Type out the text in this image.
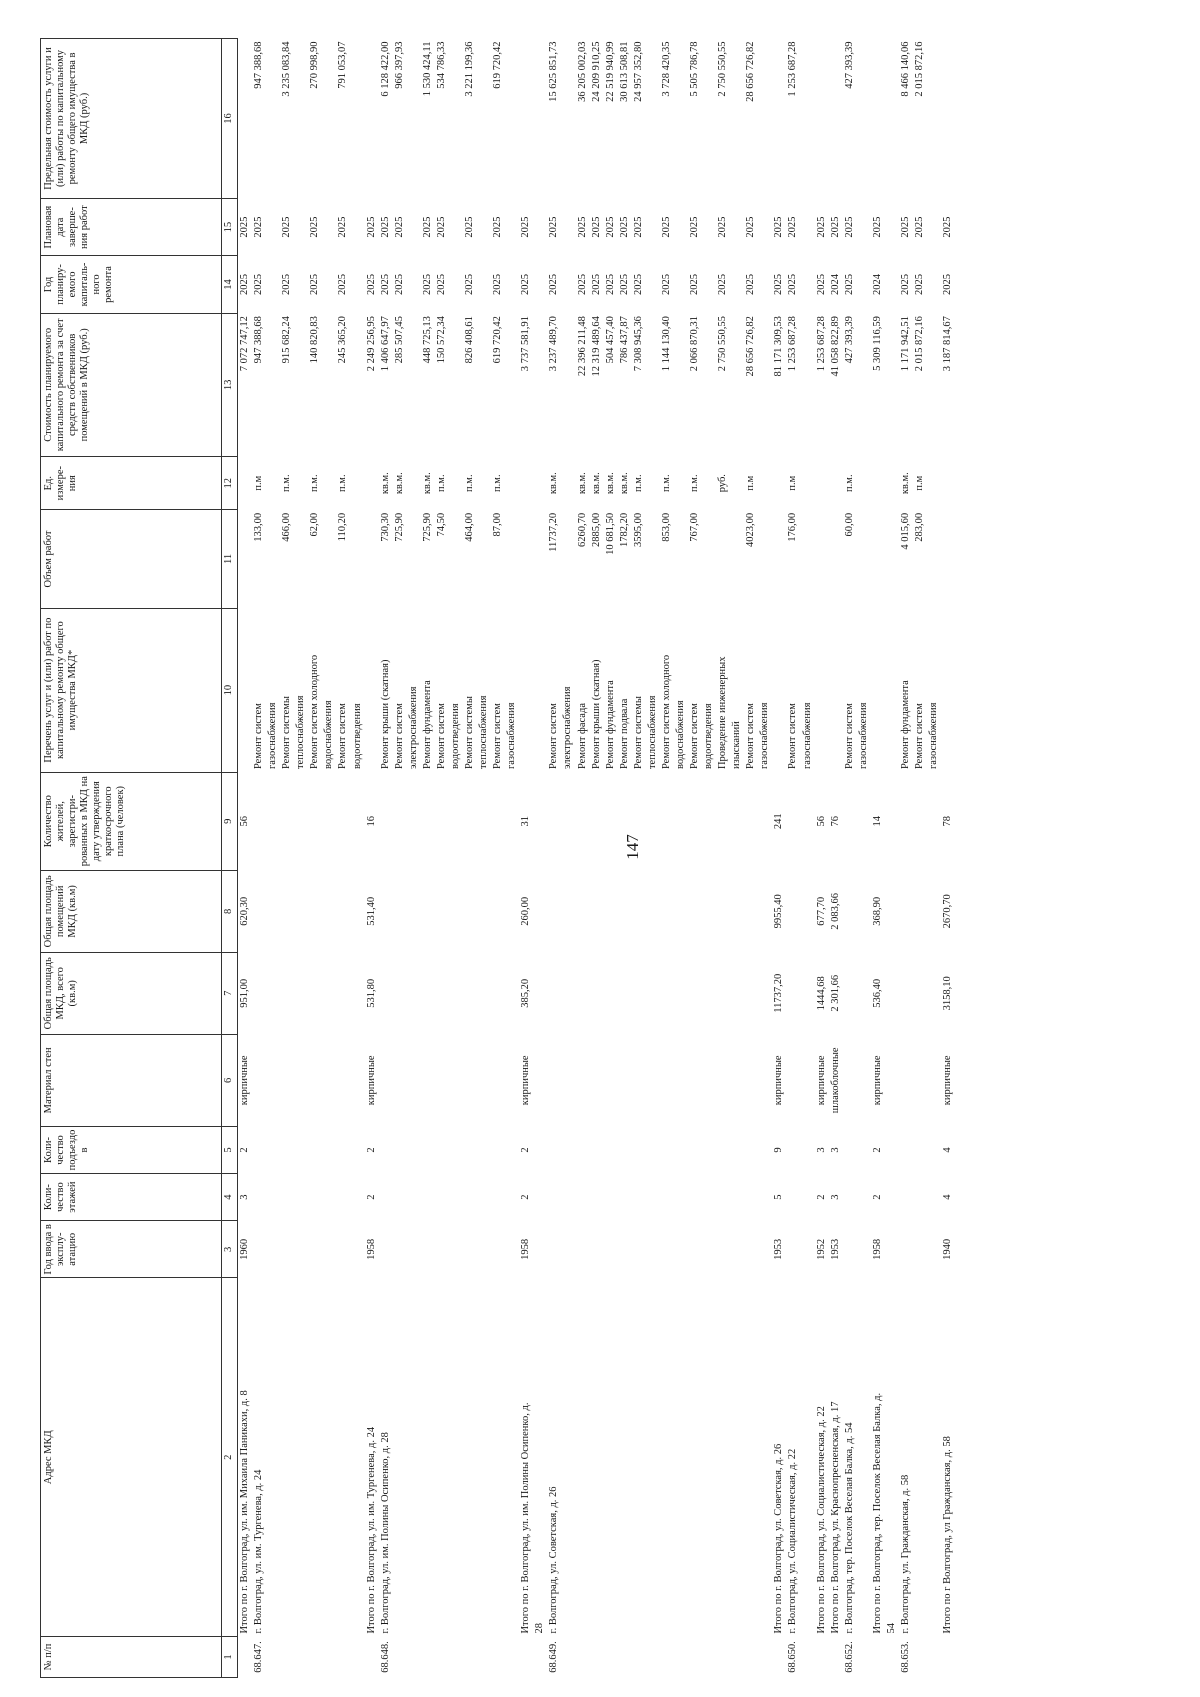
147
№ п/п	Адрес МКД	Год ввода в эксплу-атацию	Коли-чество этажей	Коли-чество подъездо в	Материал стен	Общая площадь МКД, всего (кв.м)	Общая площадь помещений МКД (кв.м)	Количество жителей, зарегистри-рованных в МКД на дату утверждения краткосрочного плана (человек)	Перечень услуг и (или) работ по капитальному ремонту общего имущества МКД*	Объем работ	Ед. измере-ния	Стоимость планируемого капитального ремонта за счет средств собственников помещений в МКД (руб.)	Год планиру-емого капиталь-ного ремонта	Плановая дата заверше-ния работ	Предельная стоимость услуги и (или) работы по капитальному ремонту общего имущества в МКД (руб.)
1	2	3	4	5	6	7	8	9	10	11	12	13	14	15	16
	Итого по г. Волгоград, ул. им. Михаила Паникахи, д. 8	1960	3	2	кирпичные	951,00	620,30	56				7 072 747,12	2025	2025	
68.647.	г. Волгоград, ул. им. Тургенева, д. 24								Ремонт систем	133,00	п.м	947 388,68	2025	2025	947 388,68
									газоснабжения						
									Ремонт системы	466,00	п.м.	915 682,24	2025	2025	3 235 083,84
									теплоснабжения						
									Ремонт систем холодного	62,00	п.м.	140 820,83	2025	2025	270 998,90
									водоснабжения						
									Ремонт систем	110,20	п.м.	245 365,20	2025	2025	791 053,07
									водоотведения						
	Итого по г. Волгоград, ул. им. Тургенева, д. 24	1958	2	2	кирпичные	531,80	531,40	16				2 249 256,95	2025	2025	
68.648.	г. Волгоград, ул. им. Полины Осипенко, д. 28								Ремонт крыши (скатная)	730,30	кв.м.	1 406 647,97	2025	2025	6 128 422,00
									Ремонт систем	725,90	кв.м.	285 507,45	2025	2025	966 397,93
									электроснабжения						
									Ремонт фундамента	725,90	кв.м.	448 725,13	2025	2025	1 530 424,11
									Ремонт систем	74,50	п.м.	150 572,34	2025	2025	534 786,33
									водоотведения						
									Ремонт системы	464,00	п.м.	826 408,61	2025	2025	3 221 199,36
									теплоснабжения						
									Ремонт систем	87,00	п.м.	619 720,42	2025	2025	619 720,42
									газоснабжения						
	Итого по г. Волгоград, ул. им. Полины Осипенко, д.	1958	2	2	кирпичные	385,20	260,00	31				3 737 581,91	2025	2025	
	28														
68.649.	г. Волгоград, ул. Советская, д. 26								Ремонт систем	11737,20	кв.м.	3 237 489,70	2025	2025	15 625 851,73
									электроснабжения						
									Ремонт фасада	6260,70	кв.м.	22 396 211,48	2025	2025	36 205 002,03
									Ремонт крыши (скатная)	2885,00	кв.м.	12 319 489,64	2025	2025	24 209 910,25
									Ремонт фундамента	10 681,50	кв.м.	504 457,40	2025	2025	22 519 940,99
									Ремонт подвала	1782,20	кв.м.	786 437,87	2025	2025	30 613 508,81
									Ремонт системы	3595,00	п.м.	7 308 945,36	2025	2025	24 957 352,80
									теплоснабжения						
									Ремонт систем холодного	853,00	п.м.	1 144 130,40	2025	2025	3 728 420,35
									водоснабжения						
									Ремонт систем	767,00	п.м.	2 066 870,31	2025	2025	5 505 786,78
									водоотведения						
									Проведение инженерных		руб.	2 750 550,55	2025	2025	2 750 550,55
									изысканий						
									Ремонт систем	4023,00	п.м	28 656 726,82	2025	2025	28 656 726,82
									газоснабжения						
	Итого по г. Волгоград, ул. Советская, д. 26	1953	5	9	кирпичные	11737,20	9955,40	241				81 171 309,53	2025	2025	
68.650.	г. Волгоград, ул. Социалистическая, д. 22								Ремонт систем	176,00	п.м	1 253 687,28	2025	2025	1 253 687,28
									газоснабжения						
	Итого по г. Волгоград, ул. Социалистическая, д. 22	1952	2	3	кирпичные	1444,68	677,70	56				1 253 687,28	2025	2025	
	Итого по г. Волгоград, ул. Краснопресненская, д. 17	1953	3	3	шлакоблочные	2 301,66	2 083,66	76				41 058 822,89	2024	2025	
68.652.	г. Волгоград, тер. Поселок Веселая Балка, д. 54								Ремонт систем	60,00	п.м.	427 393,39	2025	2025	427 393,39
									газоснабжения						
	Итого по г. Волгоград, тер. Поселок Веселая Балка, д.	1958	2	2	кирпичные	536,40	368,90	14				5 309 116,59	2024	2025	
	54														
68.653.	г. Волгоград, ул. Гражданская, д. 58								Ремонт фундамента	4 015,60	кв.м.	1 171 942,51	2025	2025	8 466 140,06
									Ремонт систем	283,00	п.м	2 015 872,16	2025	2025	2 015 872,16
									газоснабжения						
	Итого по г Волгоград, ул Гражданская, д. 58	1940	4	4	кирпичные	3158,10	2670,70	78				3 187 814,67	2025	2025	
